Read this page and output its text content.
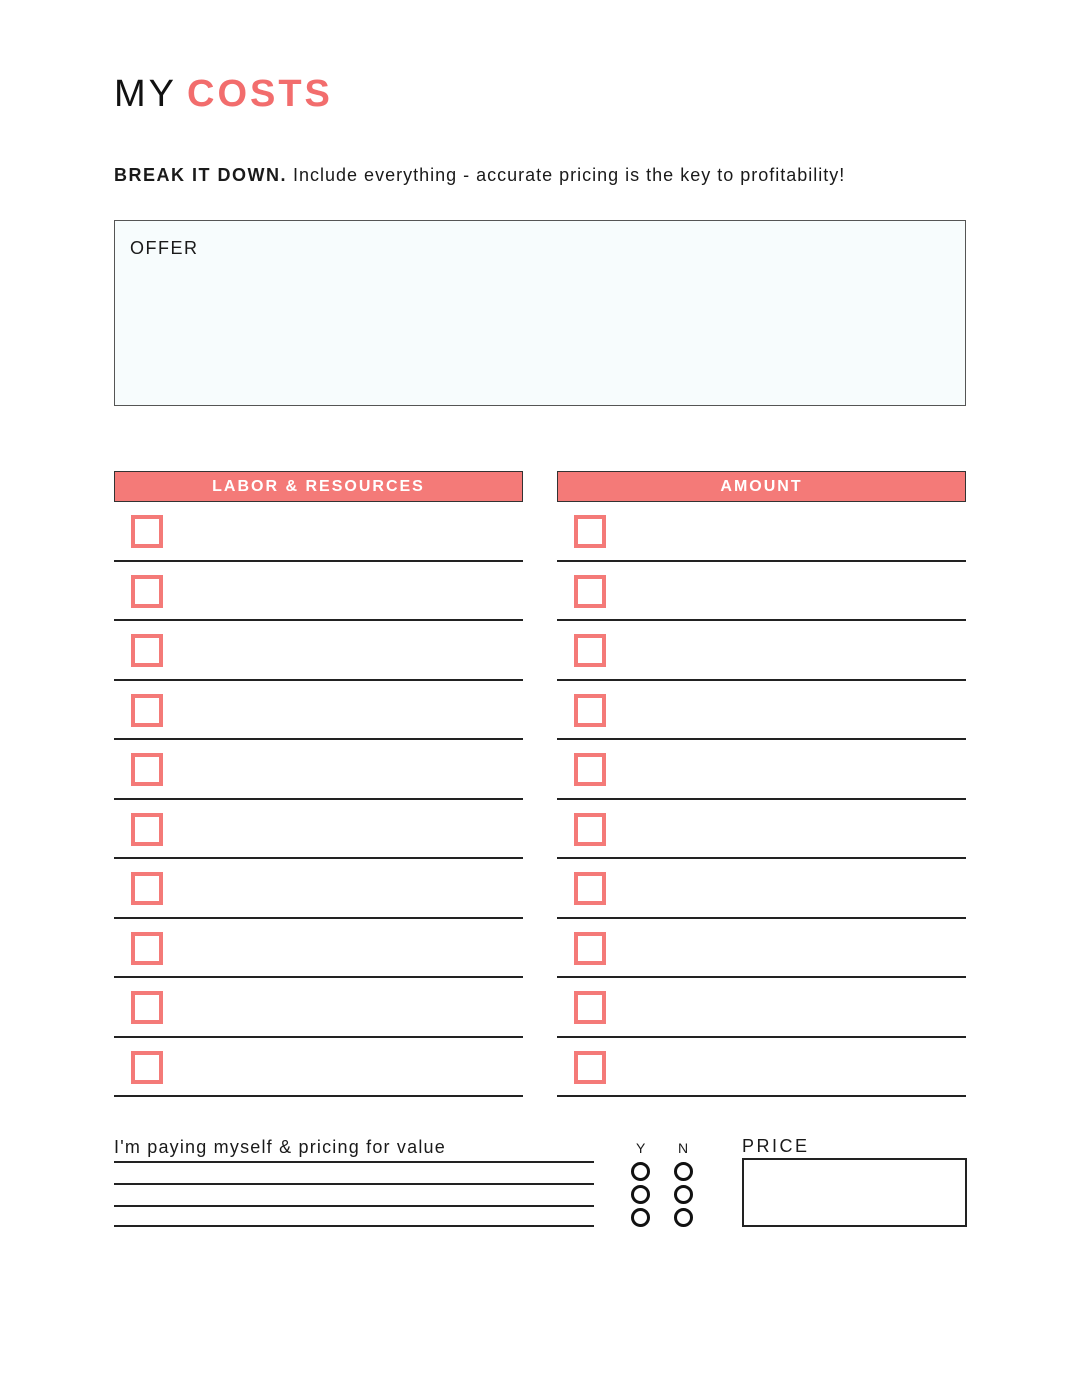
MY COSTS
BREAK IT DOWN. Include everything - accurate pricing is the key to profitability!
OFFER
LABOR & RESOURCES	AMOUNT
I'm paying myself & pricing for value	Y N	PRICE
